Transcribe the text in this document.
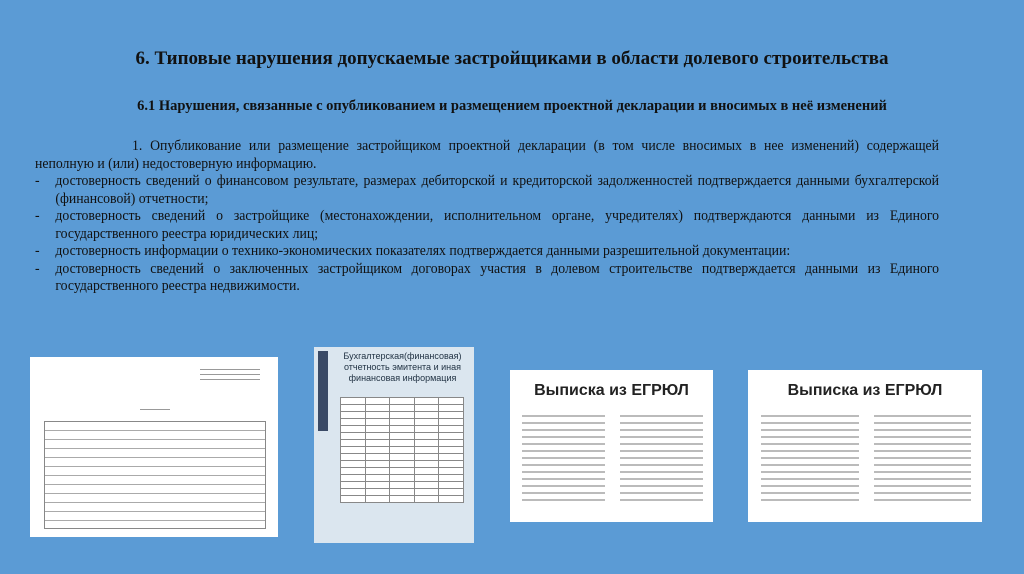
6. Типовые нарушения допускаемые застройщиками в области долевого строительства
6.1 Нарушения, связанные с опубликованием и размещением проектной декларации и вносимых в неё изменений

1. Опубликование или размещение застройщиком проектной декларации (в том числе вносимых в нее изменений) содержащей неполную и (или) недостоверную информацию.

- достоверность сведений о финансовом результате, размерах дебиторской и кредиторской задолженностей подтверждается данными бухгалтерской (финансовой) отчетности;
- достоверность сведений о застройщике (местонахождении, исполнительном органе, учредителях) подтверждаются данными из Единого государственного реестра юридических лиц;
- достоверность информации о технико-экономических показателях подтверждается данными разрешительной документации:
- достоверность сведений о заключенных застройщиком договорах участия в долевом строительстве подтверждается данными из Единого государственного реестра недвижимости.
Бухгалтерская(финансовая) отчетность эмитента и иная финансовая информация

Выписка из ЕГРЮЛ	Выписка из ЕГРЮЛ
